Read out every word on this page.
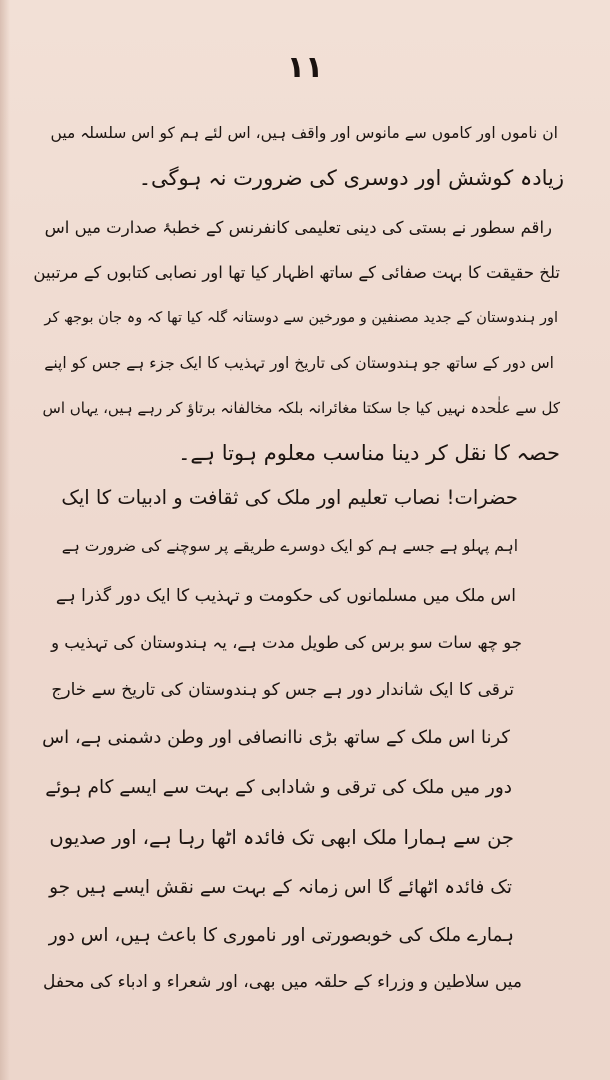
۱۱
ان ناموں اور کاموں سے مانوس اور واقف ہیں، اس لئے ہم کو اس سلسلہ میں
زیادہ کوشش اور دوسری کی ضرورت نہ ہوگی۔
راقم سطور نے بستی کی دینی تعلیمی کانفرنس کے خطبۂ صدارت میں اس
تلخ حقیقت کا بہت صفائی کے ساتھ اظہار کیا تھا اور نصابی کتابوں کے مرتبین
اور ہندوستان کے جدید مصنفین و مورخین سے دوستانہ گلہ کیا تھا کہ وہ جان بوجھ کر
اس دور کے ساتھ جو ہندوستان کی تاریخ اور تہذیب کا ایک جزء ہے جس کو اپنے
کل سے علٰحدہ نہیں کیا جا سکتا مغائرانہ بلکہ مخالفانہ برتاؤ کر رہے ہیں، یہاں اس
حصہ کا نقل کر دینا مناسب معلوم ہوتا ہے۔
حضرات! نصاب تعلیم اور ملک کی ثقافت و ادبیات کا ایک
اہم پہلو ہے جسے ہم کو ایک دوسرے طریقے پر سوچنے کی ضرورت ہے
اس ملک میں مسلمانوں کی حکومت و تہذیب کا ایک دور گذرا ہے
جو چھ سات سو برس کی طویل مدت ہے، یہ ہندوستان کی تہذیب و
ترقی کا ایک شاندار دور ہے جس کو ہندوستان کی تاریخ سے خارج
کرنا اس ملک کے ساتھ بڑی ناانصافی اور وطن دشمنی ہے، اس
دور میں ملک کی ترقی و شادابی کے بہت سے ایسے کام ہوئے
جن سے ہمارا ملک ابھی تک فائدہ اٹھا رہا ہے، اور صدیوں
تک فائدہ اٹھائے گا اس زمانہ کے بہت سے نقش ایسے ہیں جو
ہمارے ملک کی خوبصورتی اور ناموری کا باعث ہیں، اس دور
میں سلاطین و وزراء کے حلقہ میں بھی، اور شعراء و ادباء کی محفل
